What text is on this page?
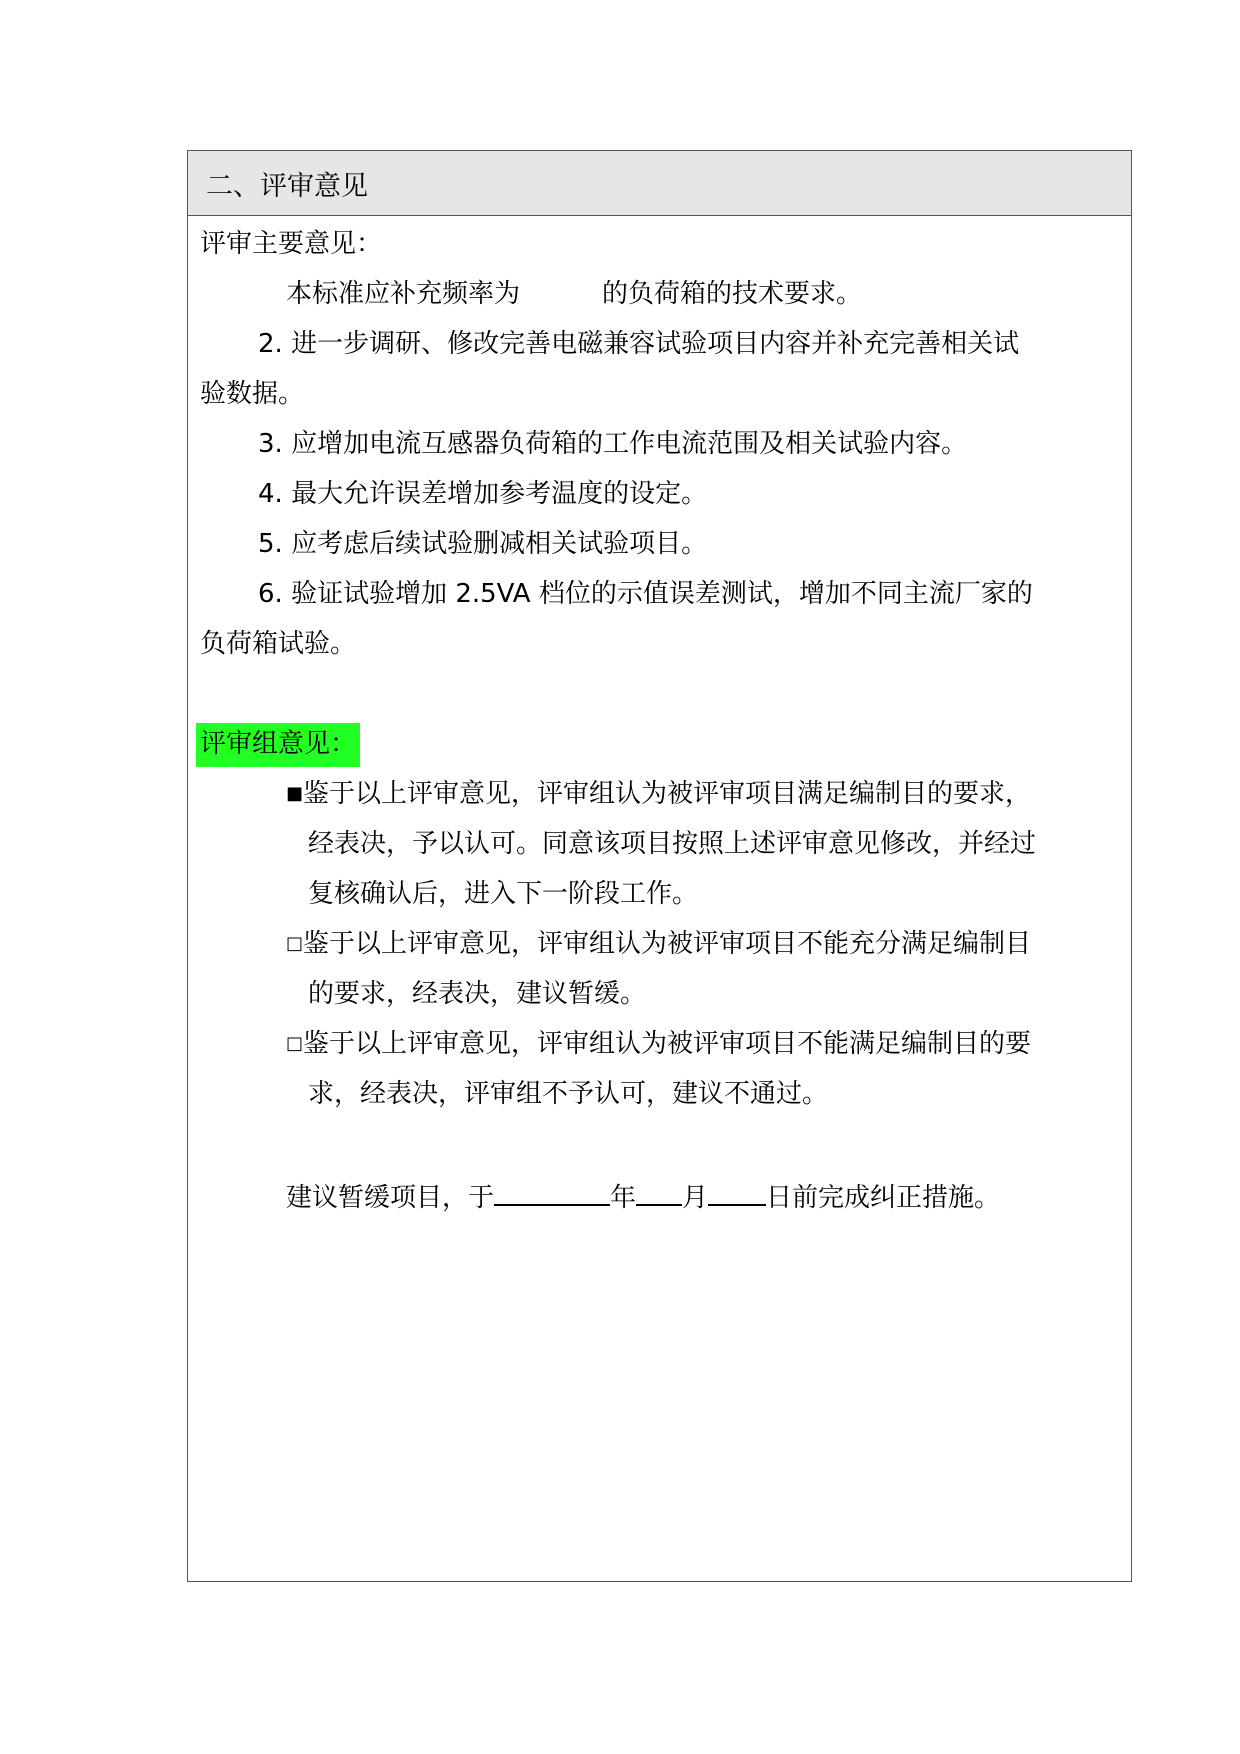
二、评审意见
评审主要意见：
本标准应补充频率为	的负荷箱的技术要求。
2. 进一步调研、修改完善电磁兼容试验项目内容并补充完善相关试
验数据。
3. 应增加电流互感器负荷箱的工作电流范围及相关试验内容。
4. 最大允许误差增加参考温度的设定。
5. 应考虑后续试验删减相关试验项目。
6. 验证试验增加 2.5VA 档位的示值误差测试，增加不同主流厂家的
负荷箱试验。
评审组意见：
■鉴于以上评审意见，评审组认为被评审项目满足编制目的要求，
经表决，予以认可。同意该项目按照上述评审意见修改，并经过
复核确认后，进入下一阶段工作。
□鉴于以上评审意见，评审组认为被评审项目不能充分满足编制目
的要求，经表决，建议暂缓。
□鉴于以上评审意见，评审组认为被评审项目不能满足编制目的要
求，经表决，评审组不予认可，建议不通过。
建议暂缓项目，于	年 月 日前完成纠正措施。
